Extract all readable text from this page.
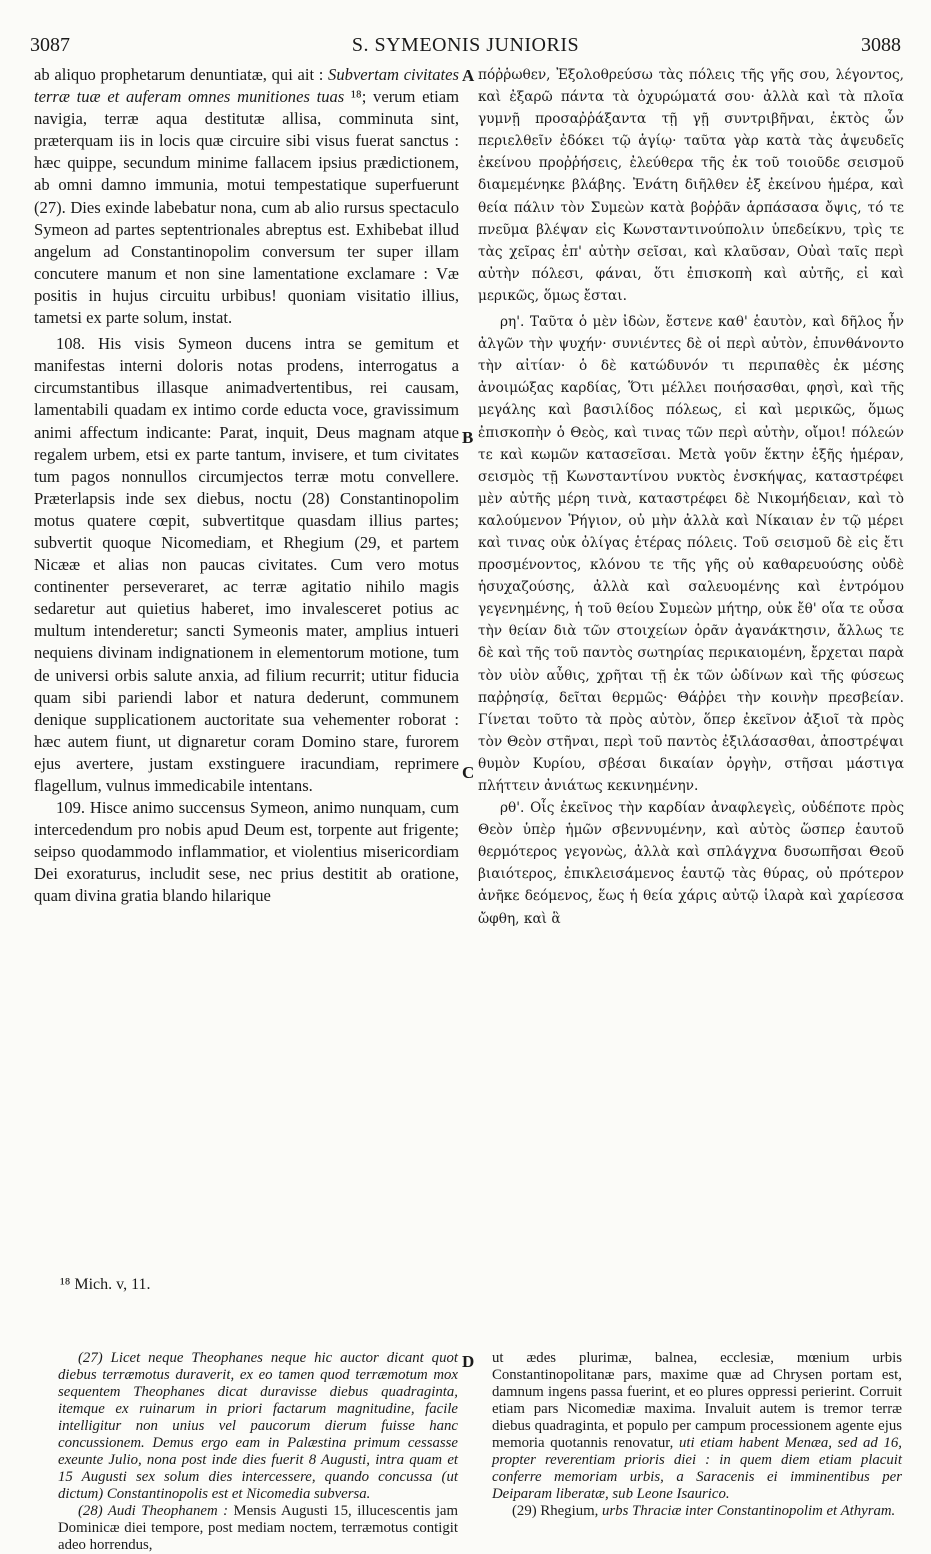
3087	S. SYMEONIS JUNIORIS	3088

ab aliquo prophetarum denuntiatæ, qui ait : Subvertam civitates terræ tuæ et auferam omnes munitiones tuas ¹⁸; verum etiam navigia, terræ aqua destitutæ allisa, comminuta sint, præterquam iis in locis quæ circuire sibi visus fuerat sanctus : hæc quippe, secundum minime fallacem ipsius prædictionem, ab omni damno immunia, motui tempestatique superfuerunt (27). Dies exinde labebatur nona, cum ab alio rursus spectaculo Symeon ad partes septentrionales abreptus est. Exhibebat illud angelum ad Constantinopolim conversum ter super illam concutere manum et non sine lamentatione exclamare : Væ positis in hujus circuitu urbibus! quoniam visitatio illius, tametsi ex parte solum, instat.

108. His visis Symeon ducens intra se gemitum et manifestas interni doloris notas prodens, interrogatus a circumstantibus illasque animadvertentibus, rei causam, lamentabili quadam ex intimo corde educta voce, gravissimum animi affectum indicante: Parat, inquit, Deus magnam atque regalem urbem, etsi ex parte tantum, invisere, et tum civitates tum pagos nonnullos circumjectos terræ motu convellere. Præterlapsis inde sex diebus, noctu (28) Constantinopolim motus quatere cœpit, subvertitque quasdam illius partes; subvertit quoque Nicomediam, et Rhegium (29, et partem Nicææ et alias non paucas civitates. Cum vero motus continenter perseveraret, ac terræ agitatio nihilo magis sedaretur aut quietius haberet, imo invalesceret potius ac multum intenderetur; sancti Symeonis mater, amplius intueri nequiens divinam indignationem in elementorum motione, tum de universi orbis salute anxia, ad filium recurrit; utitur fiducia quam sibi pariendi labor et natura dederunt, communem denique supplicationem auctoritate sua vehementer roborat : hæc autem fiunt, ut dignaretur coram Domino stare, furorem ejus avertere, justam exstinguere iracundiam, reprimere flagellum, vulnus immedicabile intentans.

109. Hisce animo succensus Symeon, animo nunquam, cum intercedendum pro nobis apud Deum est, torpente aut frigente; seipso quodammodo inflammatior, et violentius misericordiam Dei exoraturus, includit sese, nec prius destitit ab oratione, quam divina gratia blando hilarique

A
B
C
D

πόῤῥωθεν, Ἐξολοθρεύσω τὰς πόλεις τῆς γῆς σου, λέγοντος, καὶ ἐξαρῶ πάντα τὰ ὀχυρώματά σου· ἀλλὰ καὶ τὰ πλοῖα γυμνῇ προσαῤῥάξαντα τῇ γῇ συντριβῆναι, ἐκτὸς ὧν περιελθεῖν ἐδόκει τῷ ἁγίῳ· ταῦτα γὰρ κατὰ τὰς ἀψευδεῖς ἐκείνου προῤῥήσεις, ἐλεύθερα τῆς ἐκ τοῦ τοιοῦδε σεισμοῦ διαμεμένηκε βλάβης. Ἐνάτη διῆλθεν ἐξ ἐκείνου ἡμέρα, καὶ θεία πάλιν τὸν Συμεὼν κατὰ βοῤῥᾶν ἁρπάσασα ὄψις, τό τε πνεῦμα βλέψαν εἰς Κωνσταντινούπολιν ὑπεδείκνυ, τρὶς τε τὰς χεῖρας ἐπ' αὐτὴν σεῖσαι, καὶ κλαῦσαν, Οὐαὶ ταῖς περὶ αὐτὴν πόλεσι, φάναι, ὅτι ἐπισκοπὴ καὶ αὐτῆς, εἰ καὶ μερικῶς, ὅμως ἔσται.

ρη'. Ταῦτα ὁ μὲν ἰδὼν, ἔστενε καθ' ἑαυτὸν, καὶ δῆλος ἦν ἀλγῶν τὴν ψυχήν· συνιέντες δὲ οἱ περὶ αὐτὸν, ἐπυνθάνοντο τὴν αἰτίαν· ὁ δὲ κατώδυνόν τι περιπαθὲς ἐκ μέσης ἀνοιμώξας καρδίας, Ὅτι μέλλει ποιήσασθαι, φησὶ, καὶ τῆς μεγάλης καὶ βασιλίδος πόλεως, εἰ καὶ μερικῶς, ὅμως ἐπισκοπὴν ὁ Θεὸς, καὶ τινας τῶν περὶ αὐτὴν, οἴμοι! πόλεών τε καὶ κωμῶν κατασεῖσαι. Μετὰ γοῦν ἕκτην ἑξῆς ἡμέραν, σεισμὸς τῇ Κωνσταντίνου νυκτὸς ἐνσκήψας, καταστρέφει μὲν αὐτῆς μέρη τινὰ, καταστρέφει δὲ Νικομήδειαν, καὶ τὸ καλούμενον Ῥήγιον, οὐ μὴν ἀλλὰ καὶ Νίκαιαν ἐν τῷ μέρει καὶ τινας οὐκ ὀλίγας ἑτέρας πόλεις. Τοῦ σεισμοῦ δὲ εἰς ἔτι προσμένοντος, κλόνου τε τῆς γῆς οὐ καθαρευούσης οὐδὲ ἡσυχαζούσης, ἀλλὰ καὶ σαλευομένης καὶ ἐντρόμου γεγενημένης, ἡ τοῦ θείου Συμεὼν μήτηρ, οὐκ ἔθ' οἵα τε οὖσα τὴν θείαν διὰ τῶν στοιχείων ὁρᾶν ἀγανάκτησιν, ἄλλως τε δὲ καὶ τῆς τοῦ παντὸς σωτηρίας περικαιομένη, ἔρχεται παρὰ τὸν υἱὸν αὖθις, χρῆται τῇ ἐκ τῶν ὠδίνων καὶ τῆς φύσεως παῤῥησίᾳ, δεῖται θερμῶς· Θάῤῥει τὴν κοινὴν πρεσβείαν. Γίνεται τοῦτο τὰ πρὸς αὐτὸν, ὅπερ ἐκεῖνον ἀξιοῖ τὰ πρὸς τὸν Θεὸν στῆναι, περὶ τοῦ παντὸς ἐξιλάσασθαι, ἀποστρέψαι θυμὸν Κυρίου, σβέσαι δικαίαν ὀργὴν, στῆσαι μάστιγα πλήττειν ἀνιάτως κεκινημένην.

ρθ'. Οἷς ἐκεῖνος τὴν καρδίαν ἀναφλεγεὶς, οὐδέποτε πρὸς Θεὸν ὑπὲρ ἡμῶν σβεννυμένην, καὶ αὐτὸς ὥσπερ ἑαυτοῦ θερμότερος γεγονὼς, ἀλλὰ καὶ σπλάγχνα δυσωπῆσαι Θεοῦ βιαιότερος, ἐπικλεισάμενος ἑαυτῷ τὰς θύρας, οὐ πρότερον ἀνῆκε δεόμενος, ἕως ἡ θεία χάρις αὐτῷ ἱλαρὰ καὶ χαρίεσσα ὤφθη, καὶ ἃ

¹⁸ Mich. v, 11.

(27) Licet neque Theophanes neque hic auctor dicant quot diebus terræmotus duraverit, ex eo tamen quod terræmotum mox sequentem Theophanes dicat duravisse diebus quadraginta, itemque ex ruinarum in priori factarum magnitudine, facile intelligitur non unius vel paucorum dierum fuisse hanc concussionem. Demus ergo eam in Palæstina primum cessasse exeunte Julio, nona post inde dies fuerit 8 Augusti, intra quam et 15 Augusti sex solum dies intercessere, quando concussa (ut dictum) Constantinopolis est et Nicomedia subversa.

(28) Audi Theophanem : Mensis Augusti 15, illucescentis jam Dominicæ diei tempore, post mediam noctem, terræmotus contigit adeo horrendus,

ut ædes plurimæ, balnea, ecclesiæ, mœnium urbis Constantinopolitanæ pars, maxime quæ ad Chrysen portam est, damnum ingens passa fuerint, et eo plures oppressi perierint. Corruit etiam pars Nicomediæ maxima. Invaluit autem is tremor terræ diebus quadraginta, et populo per campum processionem agente ejus memoria quotannis renovatur, uti etiam habent Menæa, sed ad 16, propter reverentiam prioris diei : in quem diem etiam placuit conferre memoriam urbis, a Saracenis ei imminentibus per Deiparam liberatæ, sub Leone Isaurico.

(29) Rhegium, urbs Thraciæ inter Constantinopolim et Athyram.
